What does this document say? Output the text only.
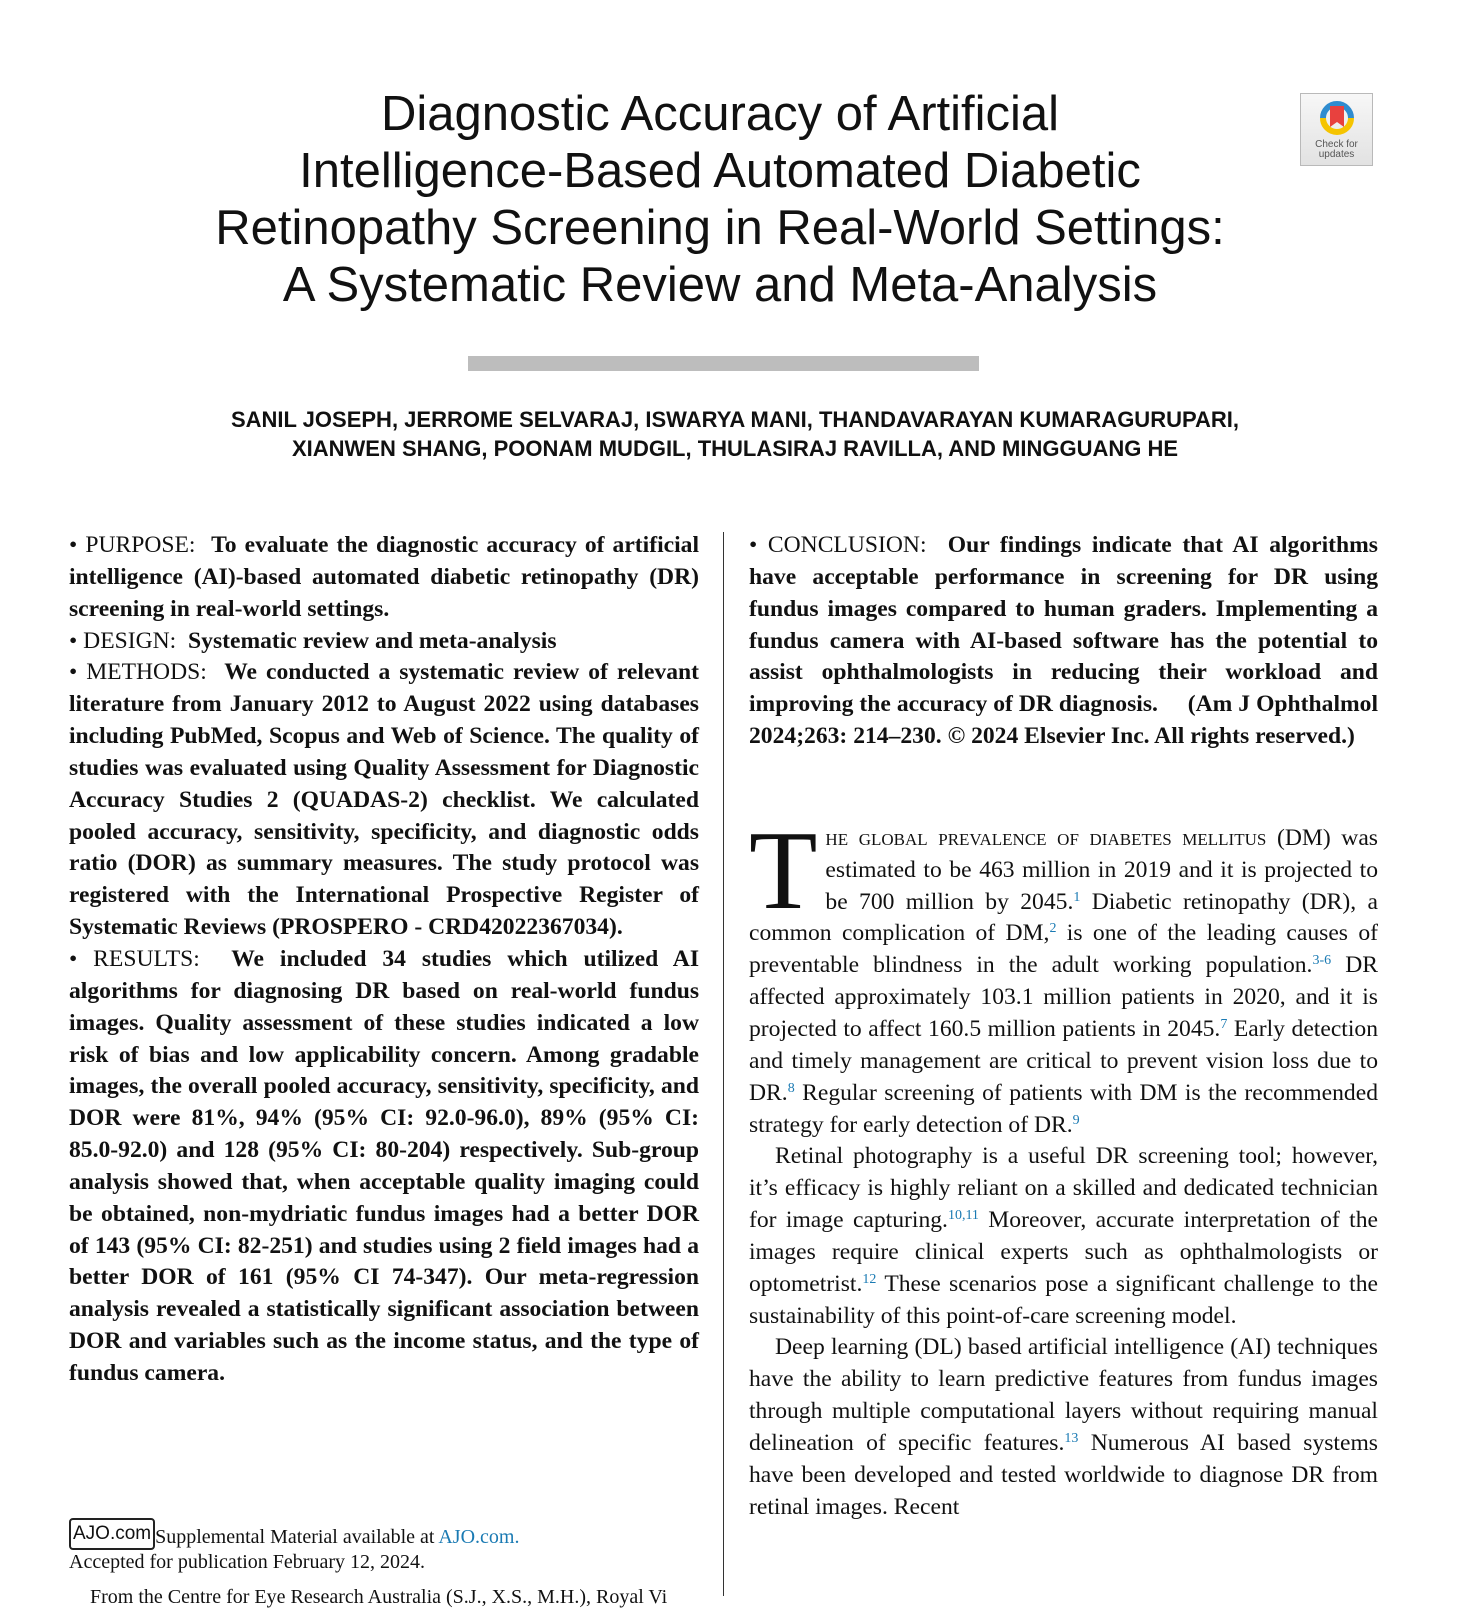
Diagnostic Accuracy of Artificial
Intelligence-Based Automated Diabetic
Retinopathy Screening in Real-World Settings:
A Systematic Review and Meta-Analysis
Check for updates
SANIL JOSEPH, JERROME SELVARAJ, ISWARYA MANI, THANDAVARAYAN KUMARAGURUPARI,
XIANWEN SHANG, POONAM MUDGIL, THULASIRAJ RAVILLA, AND MINGGUANG HE

• PURPOSE: To evaluate the diagnostic accuracy of artificial intelligence (AI)-based automated diabetic retinopathy (DR) screening in real-world settings.

• DESIGN: Systematic review and meta-analysis

• METHODS: We conducted a systematic review of relevant literature from January 2012 to August 2022 using databases including PubMed, Scopus and Web of Science. The quality of studies was evaluated using Quality Assessment for Diagnostic Accuracy Studies 2 (QUADAS-2) checklist. We calculated pooled accuracy, sensitivity, specificity, and diagnostic odds ratio (DOR) as summary measures. The study protocol was registered with the International Prospective Register of Systematic Reviews (PROSPERO - CRD42022367034).

• RESULTS: We included 34 studies which utilized AI algorithms for diagnosing DR based on real-world fundus images. Quality assessment of these studies indicated a low risk of bias and low applicability concern. Among gradable images, the overall pooled accuracy, sensitivity, specificity, and DOR were 81%, 94% (95% CI: 92.0-96.0), 89% (95% CI: 85.0-92.0) and 128 (95% CI: 80-204) respectively. Sub-group analysis showed that, when acceptable quality imaging could be obtained, non-mydriatic fundus images had a better DOR of 143 (95% CI: 82-251) and studies using 2 field images had a better DOR of 161 (95% CI 74-347). Our meta-regression analysis revealed a statistically significant association between DOR and variables such as the income status, and the type of fundus camera.

• CONCLUSION: Our findings indicate that AI algorithms have acceptable performance in screening for DR using fundus images compared to human graders. Implementing a fundus camera with AI-based software has the potential to assist ophthalmologists in reducing their workload and improving the accuracy of DR diagnosis. (Am J Ophthalmol 2024;263: 214–230. © 2024 Elsevier Inc. All rights reserved.)

The global prevalence of diabetes mellitus (DM) was estimated to be 463 million in 2019 and it is projected to be 700 million by 2045.$^1$ Diabetic retinopathy (DR), a common complication of DM,$^2$ is one of the leading causes of preventable blindness in the adult working population.$^{3-6}$ DR affected approximately 103.1 million patients in 2020, and it is projected to affect 160.5 million patients in 2045.$^7$ Early detection and timely management are critical to prevent vision loss due to DR.$^8$ Regular screening of patients with DM is the recommended strategy for early detection of DR.$^9$

Retinal photography is a useful DR screening tool; however, it’s efficacy is highly reliant on a skilled and dedicated technician for image capturing.$^{10,11}$ Moreover, accurate interpretation of the images require clinical experts such as ophthalmologists or optometrist.$^{12}$ These scenarios pose a significant challenge to the sustainability of this point-of-care screening model.

Deep learning (DL) based artificial intelligence (AI) techniques have the ability to learn predictive features from fundus images through multiple computational layers without requiring manual delineation of specific features.$^{13}$ Numerous AI based systems have been developed and tested worldwide to diagnose DR from retinal images. Recent

AJO.com Supplemental Material available at AJO.com.

Accepted for publication February 12, 2024.

From the Centre for Eye Research Australia (S.J., X.S., M.H.), Royal Vi
